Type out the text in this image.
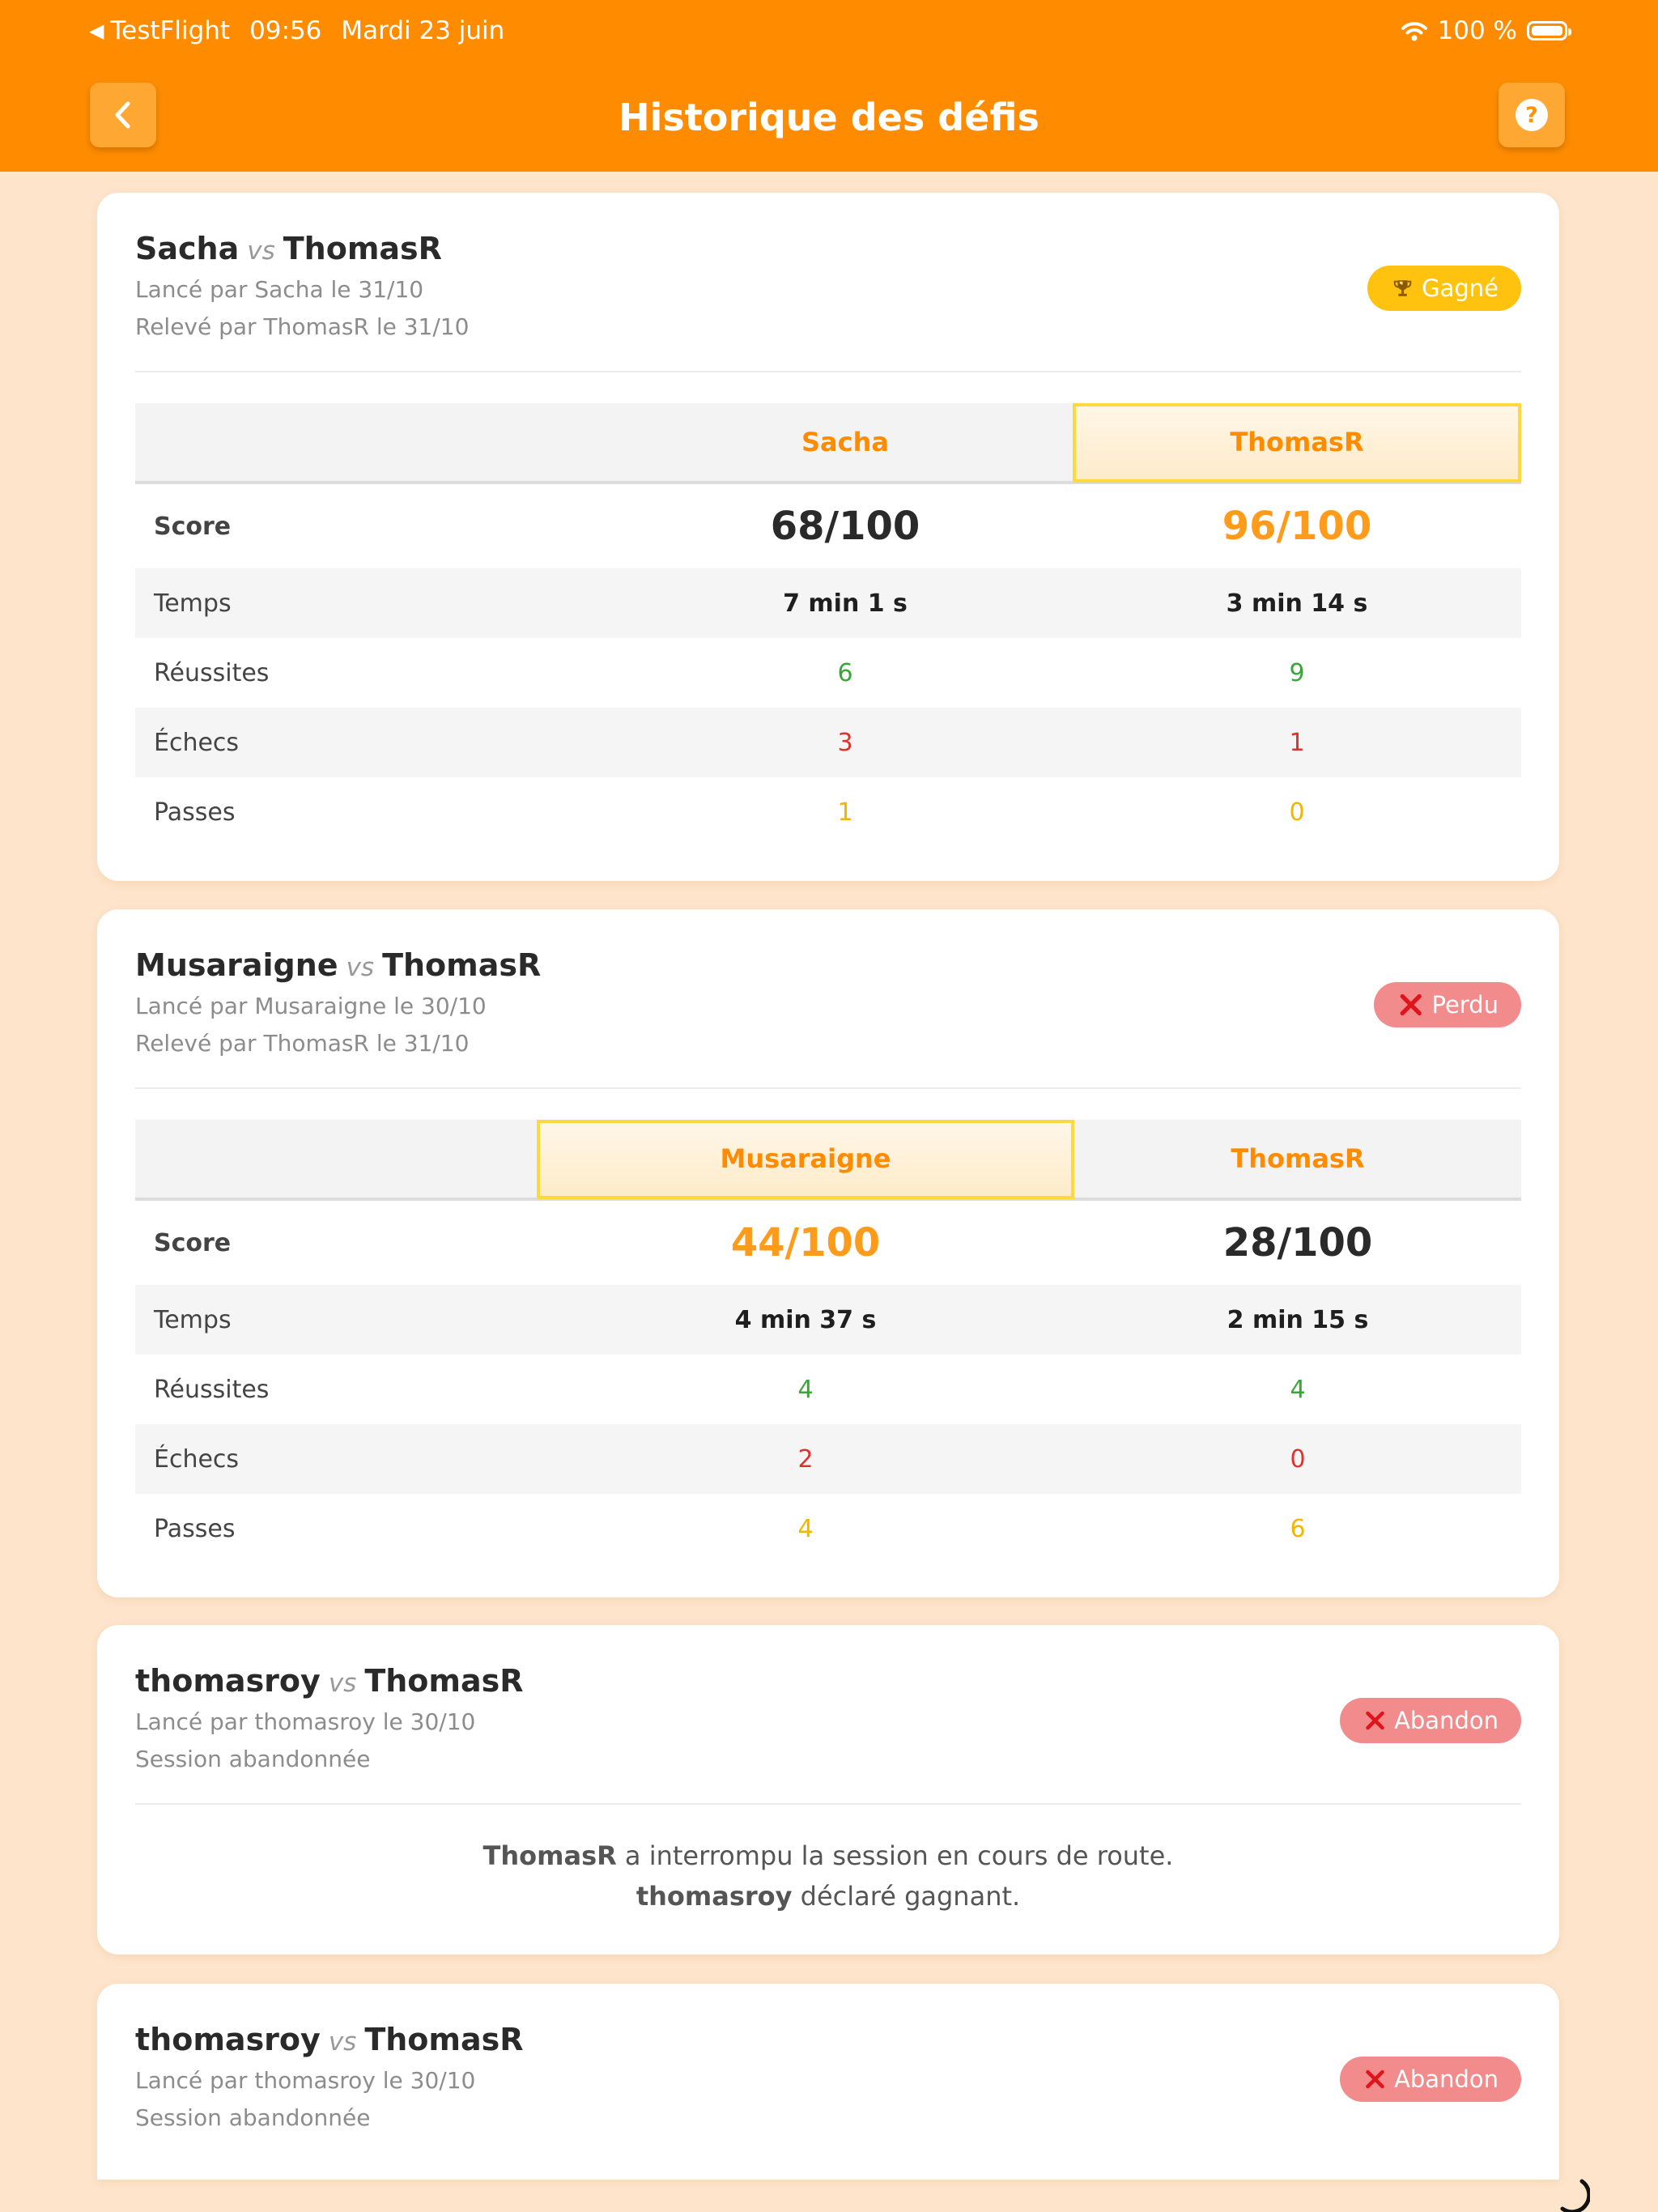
◀ TestFlight 09:56 Mardi 23 juin	100 %
Historique des défis	?
Sacha vs ThomasR
Lancé par Sacha le 31/10
Relevé par ThomasR le 31/10
Gagné
	Sacha	ThomasR
Score	68/100	96/100
Temps	7 min 1 s	3 min 14 s
Réussites	6	9
Échecs	3	1
Passes	1	0
Musaraigne vs ThomasR
Lancé par Musaraigne le 30/10
Relevé par ThomasR le 31/10
Perdu
	Musaraigne	ThomasR
Score	44/100	28/100
Temps	4 min 37 s	2 min 15 s
Réussites	4	4
Échecs	2	0
Passes	4	6
thomasroy vs ThomasR
Lancé par thomasroy le 30/10
Session abandonnée
Abandon
ThomasR a interrompu la session en cours de route.
thomasroy déclaré gagnant.
thomasroy vs ThomasR
Lancé par thomasroy le 30/10
Session abandonnée
Abandon
